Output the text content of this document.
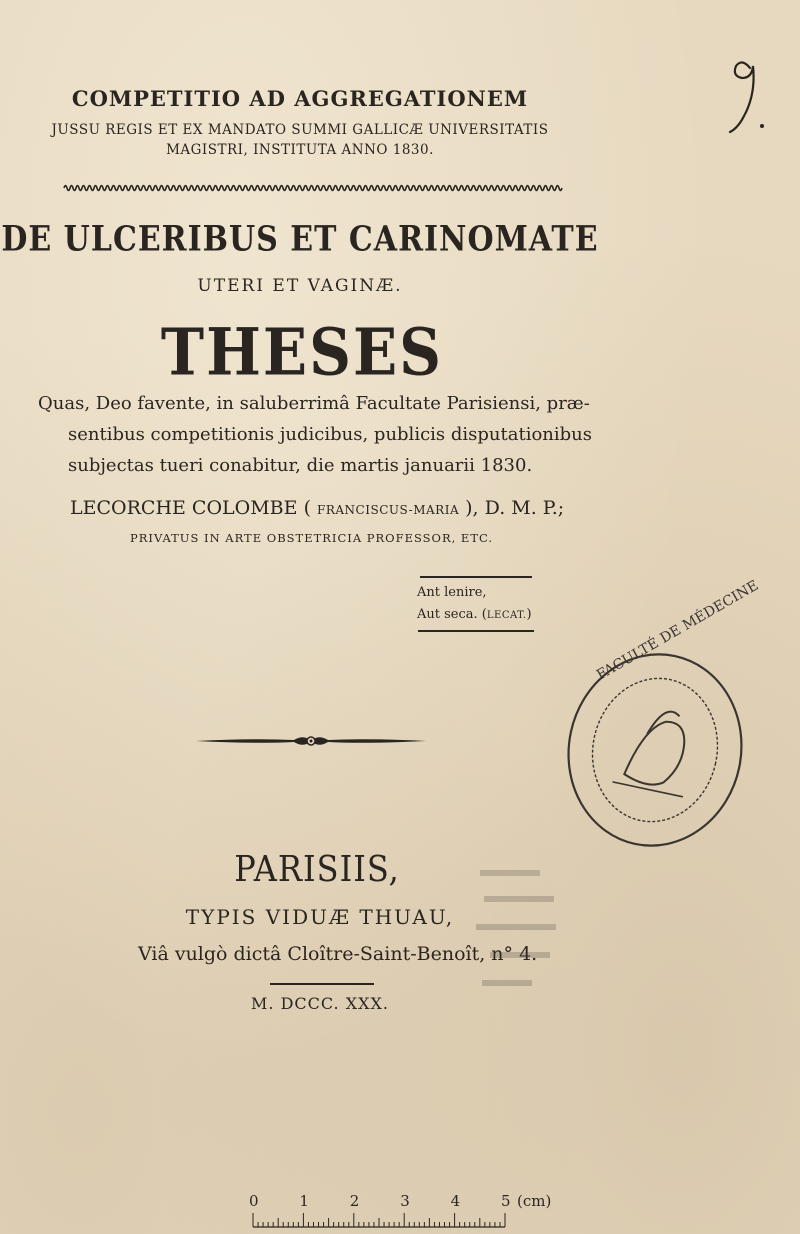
COMPETITIO AD AGGREGATIONEM
JUSSU REGIS ET EX MANDATO SUMMI GALLICÆ UNIVERSITATIS
MAGISTRI, INSTITUTA ANNO 1830.
DE ULCERIBUS ET CARINOMATE
UTERI ET VAGINÆ.
THESES
Quas, Deo favente, in saluberrimâ Facultate Parisiensi, præ-
sentibus competitionis judicibus, publicis disputationibus
subjectas tueri conabitur, die martis januarii 1830.
LECORCHE COLOMBE ( FRANCISCUS-MARIA ), D. M. P.;
PRIVATUS IN ARTE OBSTETRICIA PROFESSOR, ETC.
Ant lenire,
Aut seca. (LECAT.)
PARISIIS,
TYPIS VIDUÆ THUAU,
Viâ vulgò dictâ Cloître-Saint-Benoît, n° 4.
M. DCCC. XXX.
FACULTÉ DE MÉDECINE
0	1	2	3	4	5 (cm)
